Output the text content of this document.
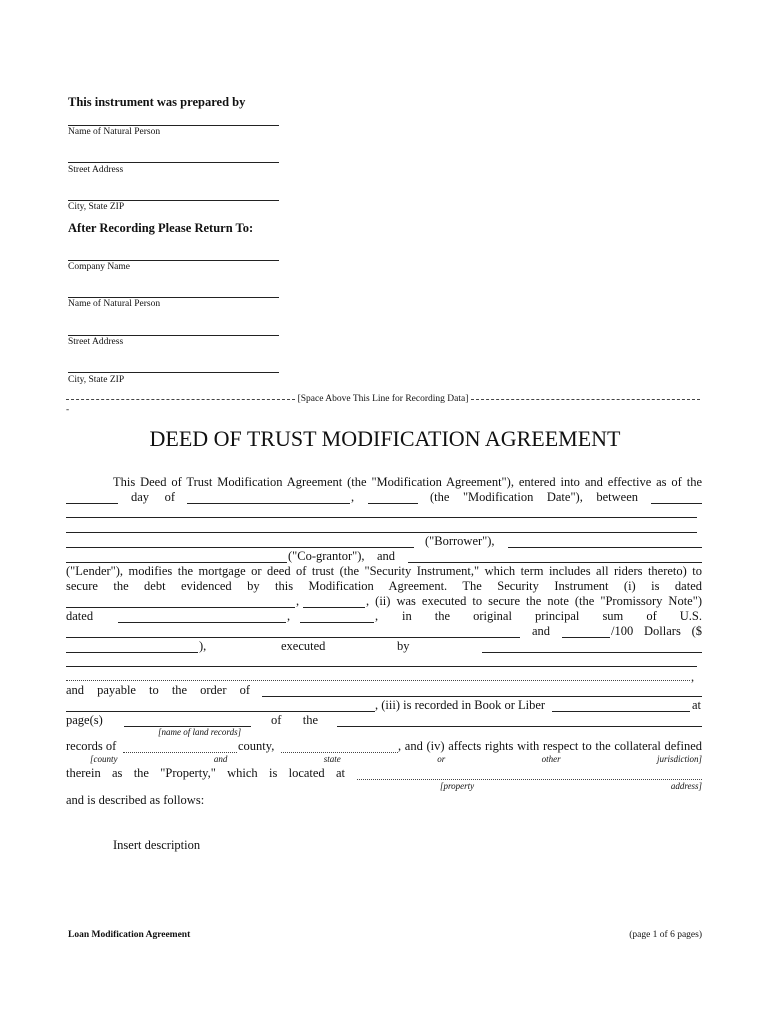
This instrument was prepared by
Name of Natural Person
Street Address
City, State ZIP
After Recording Please Return To:
Company Name
Name of Natural Person
Street Address
City, State ZIP
[Space Above This Line for Recording Data]
-
DEED OF TRUST MODIFICATION AGREEMENT
This Deed of Trust Modification Agreement (the "Modification Agreement"), entered into and effective as of the
day of	,	(the "Modification Date"), between
("Borrower"),
("Co-grantor"), and
("Lender"), modifies the mortgage or deed of trust (the "Security Instrument," which term includes all riders thereto) to
secure the debt evidenced by this Modification Agreement. The Security Instrument (i) is dated
,	, (ii) was executed to secure the note (the "Promissory Note")
dated	,	, in the original principal sum of U.S.
and	/100 Dollars ($
),	executed	by
,
and payable to the order of
, (iii) is recorded in Book or Liber	at
page(s)	of the
[name of land records]
records of	county,	, and (iv) affects rights with respect to the collateral defined
[county and state or other jurisdiction]
therein as the "Property," which is located at
[property address]
and is described as follows:
Insert description
Loan Modification Agreement	(page 1 of 6 pages)
